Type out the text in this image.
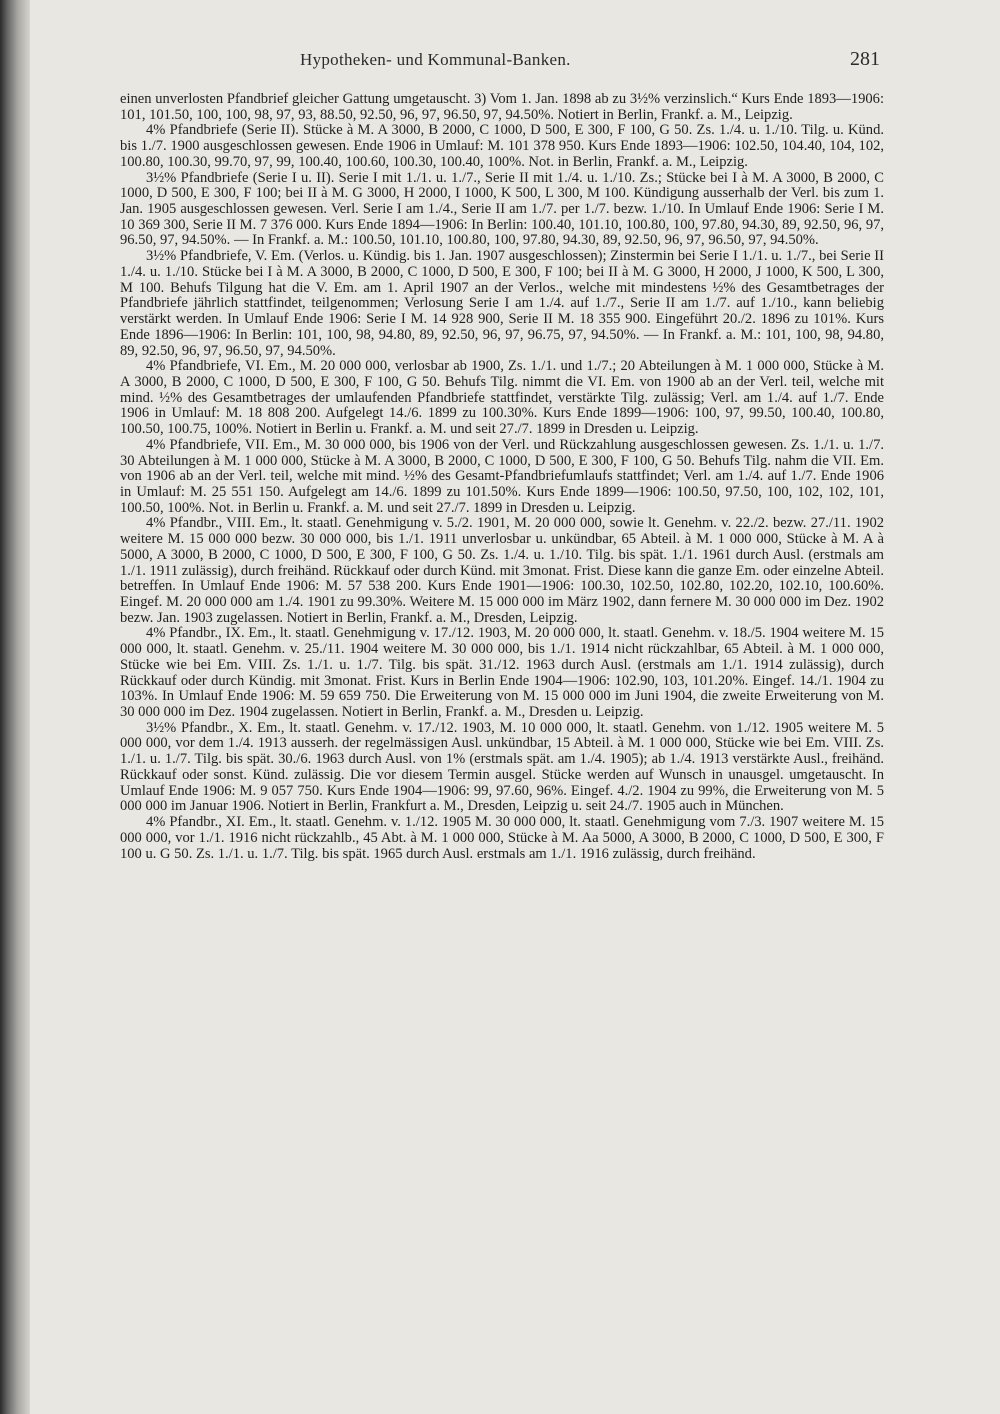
Hypotheken- und Kommunal-Banken.	281

einen unverlosten Pfandbrief gleicher Gattung umgetauscht. 3) Vom 1. Jan. 1898 ab zu 3½% verzinslich.“ Kurs Ende 1893—1906: 101, 101.50, 100, 100, 98, 97, 93, 88.50, 92.50, 96, 97, 96.50, 97, 94.50%. Notiert in Berlin, Frankf. a. M., Leipzig.

4% Pfandbriefe (Serie II). Stücke à M. A 3000, B 2000, C 1000, D 500, E 300, F 100, G 50. Zs. 1./4. u. 1./10. Tilg. u. Künd. bis 1./7. 1900 ausgeschlossen gewesen. Ende 1906 in Umlauf: M. 101 378 950. Kurs Ende 1893—1906: 102.50, 104.40, 104, 102, 100.80, 100.30, 99.70, 97, 99, 100.40, 100.60, 100.30, 100.40, 100%. Not. in Berlin, Frankf. a. M., Leipzig.

3½% Pfandbriefe (Serie I u. II). Serie I mit 1./1. u. 1./7., Serie II mit 1./4. u. 1./10. Zs.; Stücke bei I à M. A 3000, B 2000, C 1000, D 500, E 300, F 100; bei II à M. G 3000, H 2000, I 1000, K 500, L 300, M 100. Kündigung ausserhalb der Verl. bis zum 1. Jan. 1905 ausgeschlossen gewesen. Verl. Serie I am 1./4., Serie II am 1./7. per 1./7. bezw. 1./10. In Umlauf Ende 1906: Serie I M. 10 369 300, Serie II M. 7 376 000. Kurs Ende 1894—1906: In Berlin: 100.40, 101.10, 100.80, 100, 97.80, 94.30, 89, 92.50, 96, 97, 96.50, 97, 94.50%. — In Frankf. a. M.: 100.50, 101.10, 100.80, 100, 97.80, 94.30, 89, 92.50, 96, 97, 96.50, 97, 94.50%.

3½% Pfandbriefe, V. Em. (Verlos. u. Kündig. bis 1. Jan. 1907 ausgeschlossen); Zinstermin bei Serie I 1./1. u. 1./7., bei Serie II 1./4. u. 1./10. Stücke bei I à M. A 3000, B 2000, C 1000, D 500, E 300, F 100; bei II à M. G 3000, H 2000, J 1000, K 500, L 300, M 100. Behufs Tilgung hat die V. Em. am 1. April 1907 an der Verlos., welche mit mindestens ½% des Gesamtbetrages der Pfandbriefe jährlich stattfindet, teilgenommen; Verlosung Serie I am 1./4. auf 1./7., Serie II am 1./7. auf 1./10., kann beliebig verstärkt werden. In Umlauf Ende 1906: Serie I M. 14 928 900, Serie II M. 18 355 900. Eingeführt 20./2. 1896 zu 101%. Kurs Ende 1896—1906: In Berlin: 101, 100, 98, 94.80, 89, 92.50, 96, 97, 96.75, 97, 94.50%. — In Frankf. a. M.: 101, 100, 98, 94.80, 89, 92.50, 96, 97, 96.50, 97, 94.50%.

4% Pfandbriefe, VI. Em., M. 20 000 000, verlosbar ab 1900, Zs. 1./1. und 1./7.; 20 Abteilungen à M. 1 000 000, Stücke à M. A 3000, B 2000, C 1000, D 500, E 300, F 100, G 50. Behufs Tilg. nimmt die VI. Em. von 1900 ab an der Verl. teil, welche mit mind. ½% des Gesamtbetrages der umlaufenden Pfandbriefe stattfindet, verstärkte Tilg. zulässig; Verl. am 1./4. auf 1./7. Ende 1906 in Umlauf: M. 18 808 200. Aufgelegt 14./6. 1899 zu 100.30%. Kurs Ende 1899—1906: 100, 97, 99.50, 100.40, 100.80, 100.50, 100.75, 100%. Notiert in Berlin u. Frankf. a. M. und seit 27./7. 1899 in Dresden u. Leipzig.

4% Pfandbriefe, VII. Em., M. 30 000 000, bis 1906 von der Verl. und Rückzahlung ausgeschlossen gewesen. Zs. 1./1. u. 1./7. 30 Abteilungen à M. 1 000 000, Stücke à M. A 3000, B 2000, C 1000, D 500, E 300, F 100, G 50. Behufs Tilg. nahm die VII. Em. von 1906 ab an der Verl. teil, welche mit mind. ½% des Gesamt-Pfandbriefumlaufs stattfindet; Verl. am 1./4. auf 1./7. Ende 1906 in Umlauf: M. 25 551 150. Aufgelegt am 14./6. 1899 zu 101.50%. Kurs Ende 1899—1906: 100.50, 97.50, 100, 102, 102, 101, 100.50, 100%. Not. in Berlin u. Frankf. a. M. und seit 27./7. 1899 in Dresden u. Leipzig.

4% Pfandbr., VIII. Em., lt. staatl. Genehmigung v. 5./2. 1901, M. 20 000 000, sowie lt. Genehm. v. 22./2. bezw. 27./11. 1902 weitere M. 15 000 000 bezw. 30 000 000, bis 1./1. 1911 unverlosbar u. unkündbar, 65 Abteil. à M. 1 000 000, Stücke à M. A à 5000, A 3000, B 2000, C 1000, D 500, E 300, F 100, G 50. Zs. 1./4. u. 1./10. Tilg. bis spät. 1./1. 1961 durch Ausl. (erstmals am 1./1. 1911 zulässig), durch freihänd. Rückkauf oder durch Künd. mit 3monat. Frist. Diese kann die ganze Em. oder einzelne Abteil. betreffen. In Umlauf Ende 1906: M. 57 538 200. Kurs Ende 1901—1906: 100.30, 102.50, 102.80, 102.20, 102.10, 100.60%. Eingef. M. 20 000 000 am 1./4. 1901 zu 99.30%. Weitere M. 15 000 000 im März 1902, dann fernere M. 30 000 000 im Dez. 1902 bezw. Jan. 1903 zugelassen. Notiert in Berlin, Frankf. a. M., Dresden, Leipzig.

4% Pfandbr., IX. Em., lt. staatl. Genehmigung v. 17./12. 1903, M. 20 000 000, lt. staatl. Genehm. v. 18./5. 1904 weitere M. 15 000 000, lt. staatl. Genehm. v. 25./11. 1904 weitere M. 30 000 000, bis 1./1. 1914 nicht rückzahlbar, 65 Abteil. à M. 1 000 000, Stücke wie bei Em. VIII. Zs. 1./1. u. 1./7. Tilg. bis spät. 31./12. 1963 durch Ausl. (erstmals am 1./1. 1914 zulässig), durch Rückkauf oder durch Kündig. mit 3monat. Frist. Kurs in Berlin Ende 1904—1906: 102.90, 103, 101.20%. Eingef. 14./1. 1904 zu 103%. In Umlauf Ende 1906: M. 59 659 750. Die Erweiterung von M. 15 000 000 im Juni 1904, die zweite Erweiterung von M. 30 000 000 im Dez. 1904 zugelassen. Notiert in Berlin, Frankf. a. M., Dresden u. Leipzig.

3½% Pfandbr., X. Em., lt. staatl. Genehm. v. 17./12. 1903, M. 10 000 000, lt. staatl. Genehm. von 1./12. 1905 weitere M. 5 000 000, vor dem 1./4. 1913 ausserh. der regelmässigen Ausl. unkündbar, 15 Abteil. à M. 1 000 000, Stücke wie bei Em. VIII. Zs. 1./1. u. 1./7. Tilg. bis spät. 30./6. 1963 durch Ausl. von 1% (erstmals spät. am 1./4. 1905); ab 1./4. 1913 verstärkte Ausl., freihänd. Rückkauf oder sonst. Künd. zulässig. Die vor diesem Termin ausgel. Stücke werden auf Wunsch in unausgel. umgetauscht. In Umlauf Ende 1906: M. 9 057 750. Kurs Ende 1904—1906: 99, 97.60, 96%. Eingef. 4./2. 1904 zu 99%, die Erweiterung von M. 5 000 000 im Januar 1906. Notiert in Berlin, Frankfurt a. M., Dresden, Leipzig u. seit 24./7. 1905 auch in München.

4% Pfandbr., XI. Em., lt. staatl. Genehm. v. 1./12. 1905 M. 30 000 000, lt. staatl. Genehmigung vom 7./3. 1907 weitere M. 15 000 000, vor 1./1. 1916 nicht rückzahlb., 45 Abt. à M. 1 000 000, Stücke à M. Aa 5000, A 3000, B 2000, C 1000, D 500, E 300, F 100 u. G 50. Zs. 1./1. u. 1./7. Tilg. bis spät. 1965 durch Ausl. erstmals am 1./1. 1916 zulässig, durch freihänd.
